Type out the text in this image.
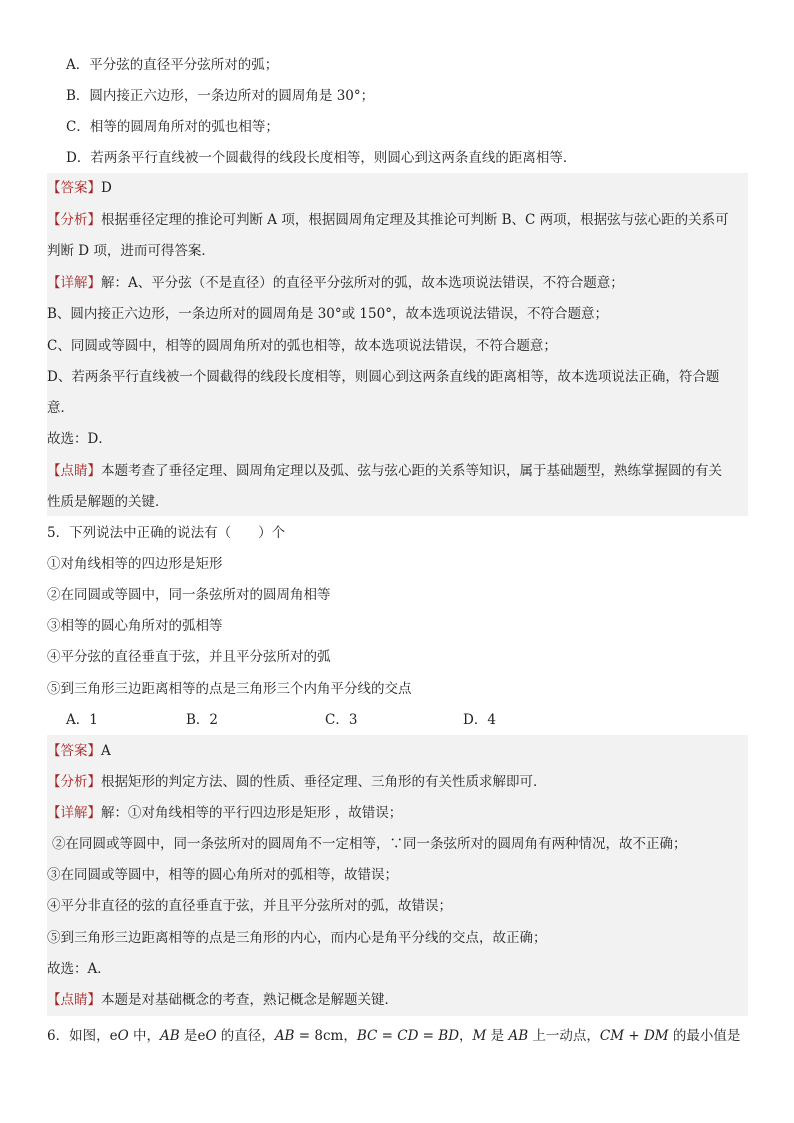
A．平分弦的直径平分弦所对的弧；
B．圆内接正六边形，一条边所对的圆周角是 30°；
C．相等的圆周角所对的弧也相等；
D．若两条平行直线被一个圆截得的线段长度相等，则圆心到这两条直线的距离相等．
【答案】D
【分析】根据垂径定理的推论可判断 A 项，根据圆周角定理及其推论可判断 B、C 两项，根据弦与弦心距的关系可
判断 D 项，进而可得答案．
【详解】解：A、平分弦（不是直径）的直径平分弦所对的弧，故本选项说法错误，不符合题意；
B、圆内接正六边形，一条边所对的圆周角是 30°或 150°，故本选项说法错误，不符合题意；
C、同圆或等圆中，相等的圆周角所对的弧也相等，故本选项说法错误，不符合题意；
D、若两条平行直线被一个圆截得的线段长度相等，则圆心到这两条直线的距离相等，故本选项说法正确，符合题
意．
故选：D．
【点睛】本题考查了垂径定理、圆周角定理以及弧、弦与弦心距的关系等知识，属于基础题型，熟练掌握圆的有关
性质是解题的关键．
5．下列说法中正确的说法有（　　）个
①对角线相等的四边形是矩形
②在同圆或等圆中，同一条弦所对的圆周角相等
③相等的圆心角所对的弧相等
④平分弦的直径垂直于弦，并且平分弦所对的弧
⑤到三角形三边距离相等的点是三角形三个内角平分线的交点
A．1	B．2	C．3	D．4
【答案】A
【分析】根据矩形的判定方法、圆的性质、垂径定理、三角形的有关性质求解即可．
【详解】解：①对角线相等的平行四边形是矩形 ，故错误；
②在同圆或等圆中，同一条弦所对的圆周角不一定相等，∵同一条弦所对的圆周角有两种情况，故不正确；
③在同圆或等圆中，相等的圆心角所对的弧相等，故错误；
④平分非直径的弦的直径垂直于弦，并且平分弦所对的弧，故错误；
⑤到三角形三边距离相等的点是三角形的内心，而内心是角平分线的交点，故正确；
故选：A．
【点睛】本题是对基础概念的考查，熟记概念是解题关键．
6．如图，eO 中，AB 是eO 的直径，AB = 8cm，BC = CD = BD，M 是 AB 上一动点，CM + DM 的最小值是
